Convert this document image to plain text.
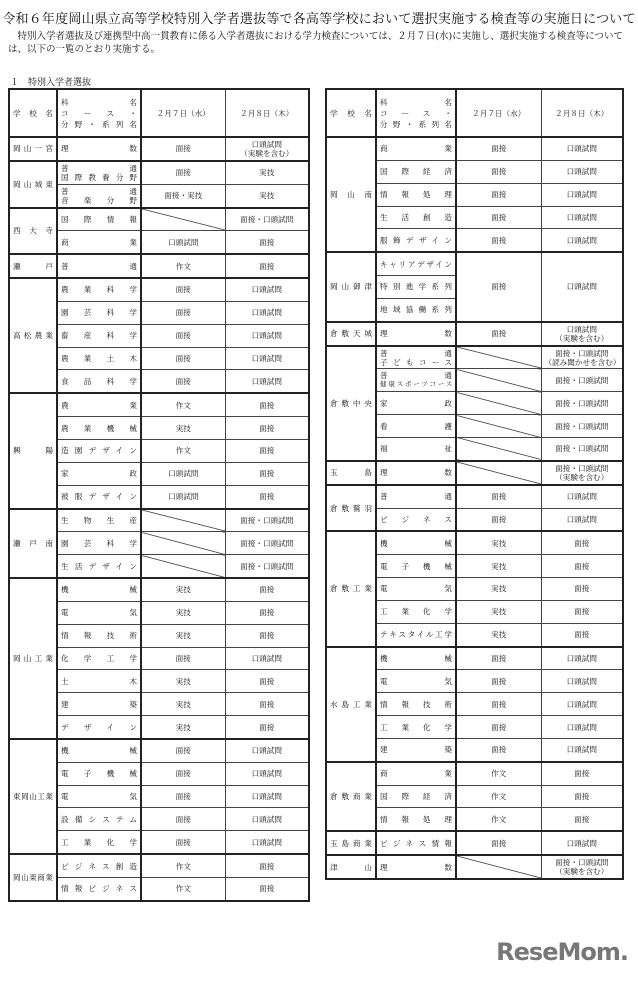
令和６年度岡山県立高等学校特別入学者選抜等で各高等学校において選択実施する検査等の実施日について
特別入学者選抜及び連携型中高一貫教育に係る入学者選抜における学力検査については、２月７日(水)に実施し、選択実施する検査等については、以下の一覧のとおり実施する。
１　特別入学者選抜
学校名	科　　名
コース・
分野・系列名	２月７日（水）	２月８日（木）

岡山一宮	理数	面接	口頭試問
（実験を含む）

岡山城東	普通
国際教養分野	面接	実技

	普通
音楽分野	面接・実技	実技

西大寺	国際情報		面接・口頭試問

	商業	口頭試問	面接

瀬戸	普通	作文	面接

高松農業	農業科学	面接	口頭試問

	園芸科学	面接	口頭試問

	畜産科学	面接	口頭試問

	農業土木	面接	口頭試問

	食品科学	面接	口頭試問

興陽	農業	作文	面接

	農業機械	実技	面接

	造園デザイン	作文	面接

	家政	口頭試問	面接

	被服デザイン	口頭試問	面接

瀬戸南	生物生産		面接・口頭試問

	園芸科学		面接・口頭試問

	生活デザイン		面接・口頭試問

岡山工業	機械	実技	面接

	電気	実技	面接

	情報技術	実技	面接

	化学工学	面接	口頭試問

	土木	実技	面接

	建築	実技	面接

	デザイン	実技	面接

東岡山工業	機械	面接	口頭試問

	電子機械	面接	口頭試問

	電気	面接	口頭試問

	設備システム	面接	口頭試問

	工業化学	面接	口頭試問

岡山東商業	ビジネス創造	作文	面接

	情報ビジネス	作文	面接
学校名	科　　名
コース・
分野・系列名	２月７日（水）	２月８日（木）

岡山南	商業	面接	口頭試問

	国際経済	面接	口頭試問

	情報処理	面接	口頭試問

	生活創造	面接	口頭試問

	服飾デザイン	面接	口頭試問

岡山御津	キャリアデザイン	面接	口頭試問

	特別進学系列		

	地域協働系列		

倉敷天城	理数	面接	口頭試問
（実験を含む）

倉敷中央	普通
子どもコース		面接・口頭試問
（読み聞かせを含む）

	普通
健康スポーツコース		面接・口頭試問

	家政		面接・口頭試問

	看護		面接・口頭試問

	福祉		面接・口頭試問

玉島	理数		面接・口頭試問
（実験を含む）

倉敷鷲羽	普通	面接	口頭試問

	ビジネス	面接	口頭試問

倉敷工業	機械	実技	面接

	電子機械	実技	面接

	電気	実技	面接

	工業化学	実技	面接

	テキスタイル工学	実技	面接

水島工業	機械	面接	口頭試問

	電気	面接	口頭試問

	情報技術	面接	口頭試問

	工業化学	面接	口頭試問

	建築	面接	口頭試問

倉敷商業	商業	作文	面接

	国際経済	作文	面接

	情報処理	作文	面接

玉島商業	ビジネス情報	面接	口頭試問

津山	理数		面接・口頭試問
（実験を含む）
ReseMom.
